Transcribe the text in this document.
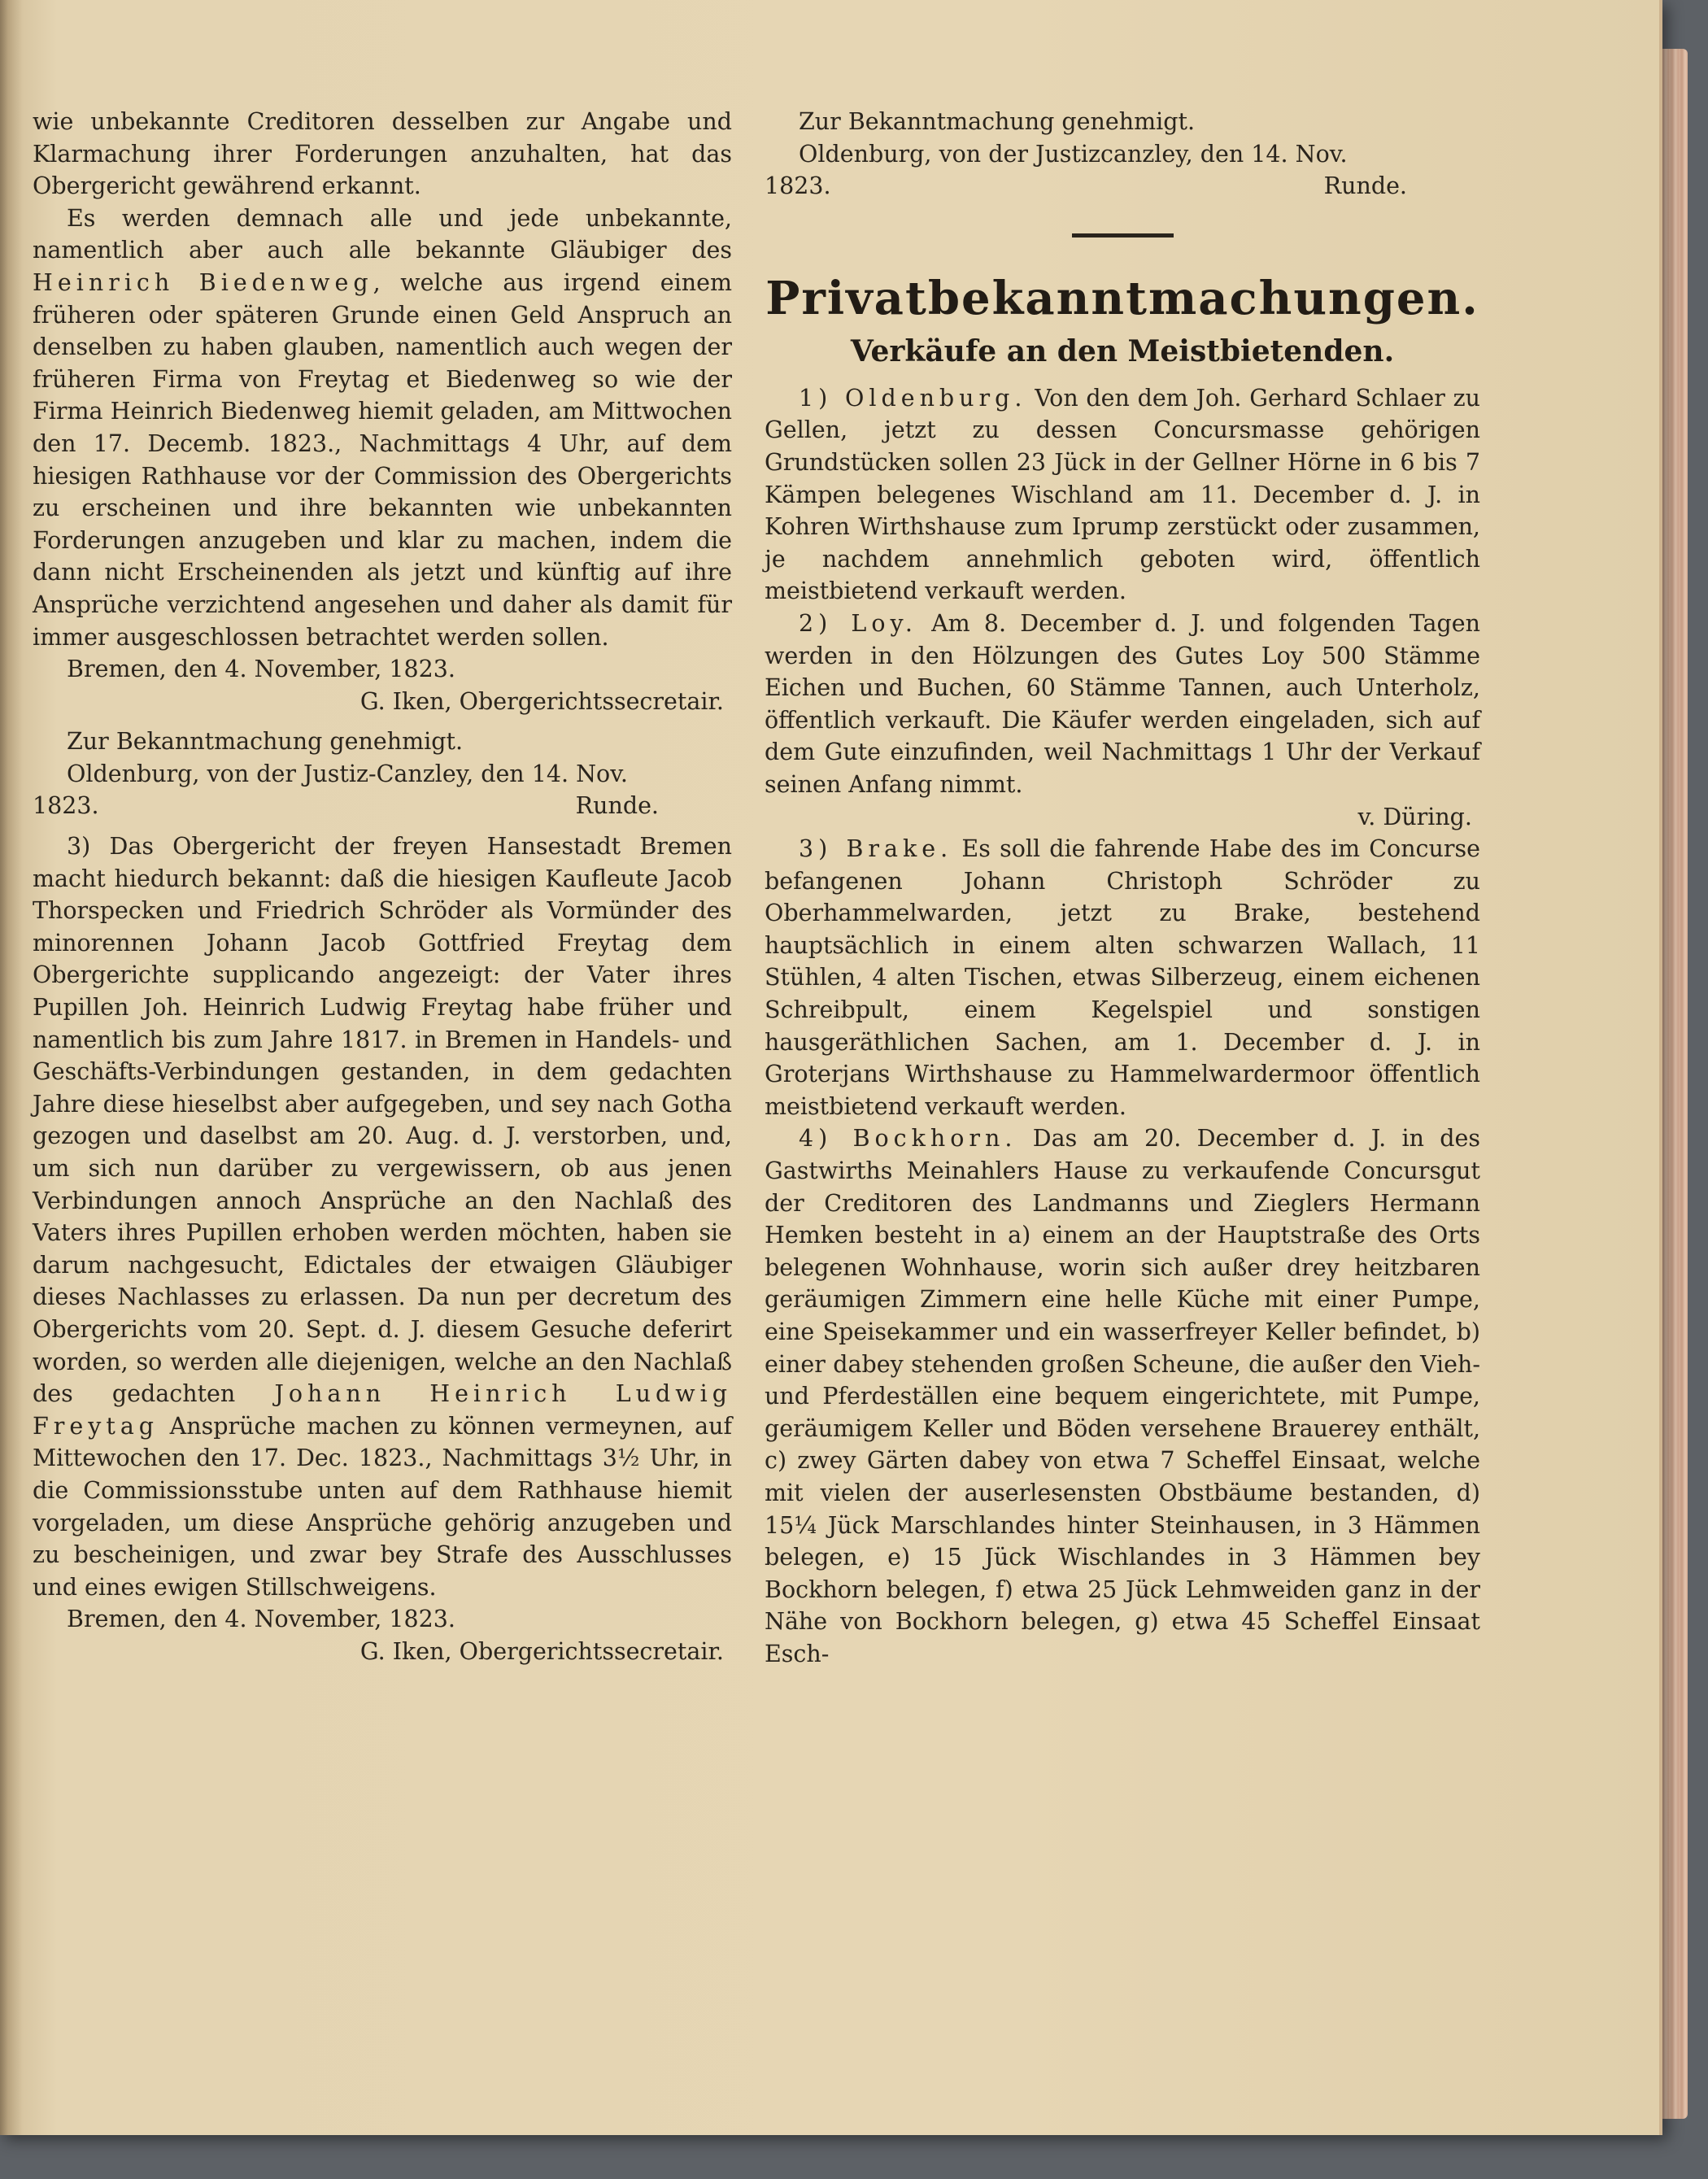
wie unbekannte Creditoren desselben zur Angabe und Klarmachung ihrer Forderungen anzuhalten, hat das Obergericht gewährend erkannt.

Es werden demnach alle und jede unbekannte, namentlich aber auch alle bekannte Gläubiger des Heinrich Biedenweg, welche aus irgend einem früheren oder späteren Grunde einen Geld Anspruch an denselben zu haben glauben, namentlich auch wegen der früheren Firma von Freytag et Biedenweg so wie der Firma Heinrich Biedenweg hiemit geladen, am Mittwochen den 17. Decemb. 1823., Nachmittags 4 Uhr, auf dem hiesigen Rathhause vor der Commission des Obergerichts zu erscheinen und ihre bekannten wie unbekannten Forderungen anzugeben und klar zu machen, indem die dann nicht Erscheinenden als jetzt und künftig auf ihre Ansprüche verzichtend angesehen und daher als damit für immer ausgeschlossen betrachtet werden sollen.

Bremen, den 4. November, 1823.

G. Iken, Obergerichtssecretair.

Zur Bekanntmachung genehmigt.

Oldenburg, von der Justiz-Canzley, den 14. Nov.

1823.	Runde.

3) Das Obergericht der freyen Hansestadt Bremen macht hiedurch bekannt: daß die hiesigen Kaufleute Jacob Thorspecken und Friedrich Schröder als Vormünder des minorennen Johann Jacob Gottfried Freytag dem Obergerichte supplicando angezeigt: der Vater ihres Pupillen Joh. Heinrich Ludwig Freytag habe früher und namentlich bis zum Jahre 1817. in Bremen in Handels- und Geschäfts-Verbindungen gestanden, in dem gedachten Jahre diese hieselbst aber aufgegeben, und sey nach Gotha gezogen und daselbst am 20. Aug. d. J. verstorben, und, um sich nun darüber zu vergewissern, ob aus jenen Verbindungen annoch Ansprüche an den Nachlaß des Vaters ihres Pupillen erhoben werden möchten, haben sie darum nachgesucht, Edictales der etwaigen Gläubiger dieses Nachlasses zu erlassen. Da nun per decretum des Obergerichts vom 20. Sept. d. J. diesem Gesuche deferirt worden, so werden alle diejenigen, welche an den Nachlaß des gedachten Johann Heinrich Ludwig Freytag Ansprüche machen zu können vermeynen, auf Mittewochen den 17. Dec. 1823., Nachmittags 3½ Uhr, in die Commissionsstube unten auf dem Rathhause hiemit vorgeladen, um diese Ansprüche gehörig anzugeben und zu bescheinigen, und zwar bey Strafe des Ausschlusses und eines ewigen Stillschweigens.

Bremen, den 4. November, 1823.

G. Iken, Obergerichtssecretair.

Zur Bekanntmachung genehmigt.

Oldenburg, von der Justizcanzley, den 14. Nov.

1823.	Runde.
Privatbekanntmachungen.
Verkäufe an den Meistbietenden.

1) Oldenburg. Von den dem Joh. Gerhard Schlaer zu Gellen, jetzt zu dessen Concursmasse gehörigen Grundstücken sollen 23 Jück in der Gellner Hörne in 6 bis 7 Kämpen belegenes Wischland am 11. December d. J. in Kohren Wirthshause zum Iprump zerstückt oder zusammen, je nachdem annehmlich geboten wird, öffentlich meistbietend verkauft werden.

2) Loy. Am 8. December d. J. und folgenden Tagen werden in den Hölzungen des Gutes Loy 500 Stämme Eichen und Buchen, 60 Stämme Tannen, auch Unterholz, öffentlich verkauft. Die Käufer werden eingeladen, sich auf dem Gute einzufinden, weil Nachmittags 1 Uhr der Verkauf seinen Anfang nimmt.

v. Düring.

3) Brake. Es soll die fahrende Habe des im Concurse befangenen Johann Christoph Schröder zu Oberhammelwarden, jetzt zu Brake, bestehend hauptsächlich in einem alten schwarzen Wallach, 11 Stühlen, 4 alten Tischen, etwas Silberzeug, einem eichenen Schreibpult, einem Kegelspiel und sonstigen hausgeräthlichen Sachen, am 1. December d. J. in Groterjans Wirthshause zu Hammelwardermoor öffentlich meistbietend verkauft werden.

4) Bockhorn. Das am 20. December d. J. in des Gastwirths Meinahlers Hause zu verkaufende Concursgut der Creditoren des Landmanns und Zieglers Hermann Hemken besteht in a) einem an der Hauptstraße des Orts belegenen Wohnhause, worin sich außer drey heitzbaren geräumigen Zimmern eine helle Küche mit einer Pumpe, eine Speisekammer und ein wasserfreyer Keller befindet, b) einer dabey stehenden großen Scheune, die außer den Vieh- und Pferdeställen eine bequem eingerichtete, mit Pumpe, geräumigem Keller und Böden versehene Brauerey enthält, c) zwey Gärten dabey von etwa 7 Scheffel Einsaat, welche mit vielen der auserlesensten Obstbäume bestanden, d) 15¼ Jück Marschlandes hinter Steinhausen, in 3 Hämmen belegen, e) 15 Jück Wischlandes in 3 Hämmen bey Bockhorn belegen, f) etwa 25 Jück Lehmweiden ganz in der Nähe von Bockhorn belegen, g) etwa 45 Scheffel Einsaat Esch-
